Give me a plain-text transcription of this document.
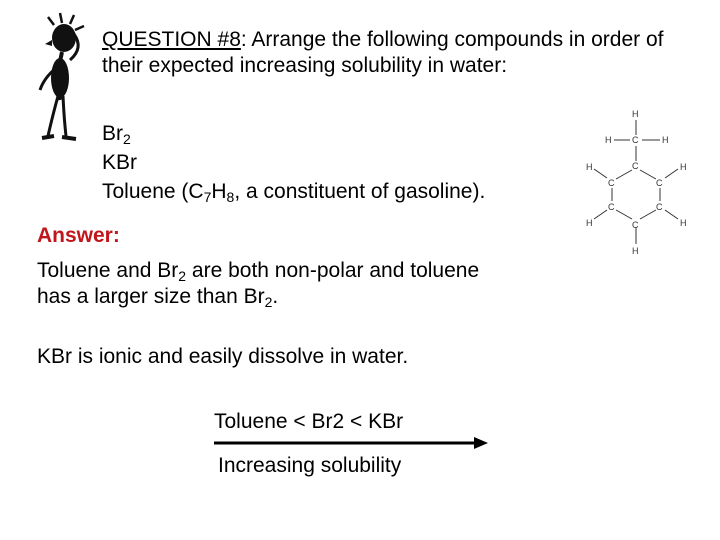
QUESTION #8: Arrange the following compounds in order of their expected increasing solubility in water:
$Br_2$
KBr
Toluene ($C_7H_8$, a constituent of gasoline).
H
C
H	H
C
C	C
C	C
C
H	H
H	H
H
Answer:
Toluene and $Br_2$ are both non-polar and toluene has a larger size than $Br_2$.
KBr is ionic and easily dissolve in water.
Toluene < Br2 < KBr
Increasing solubility
